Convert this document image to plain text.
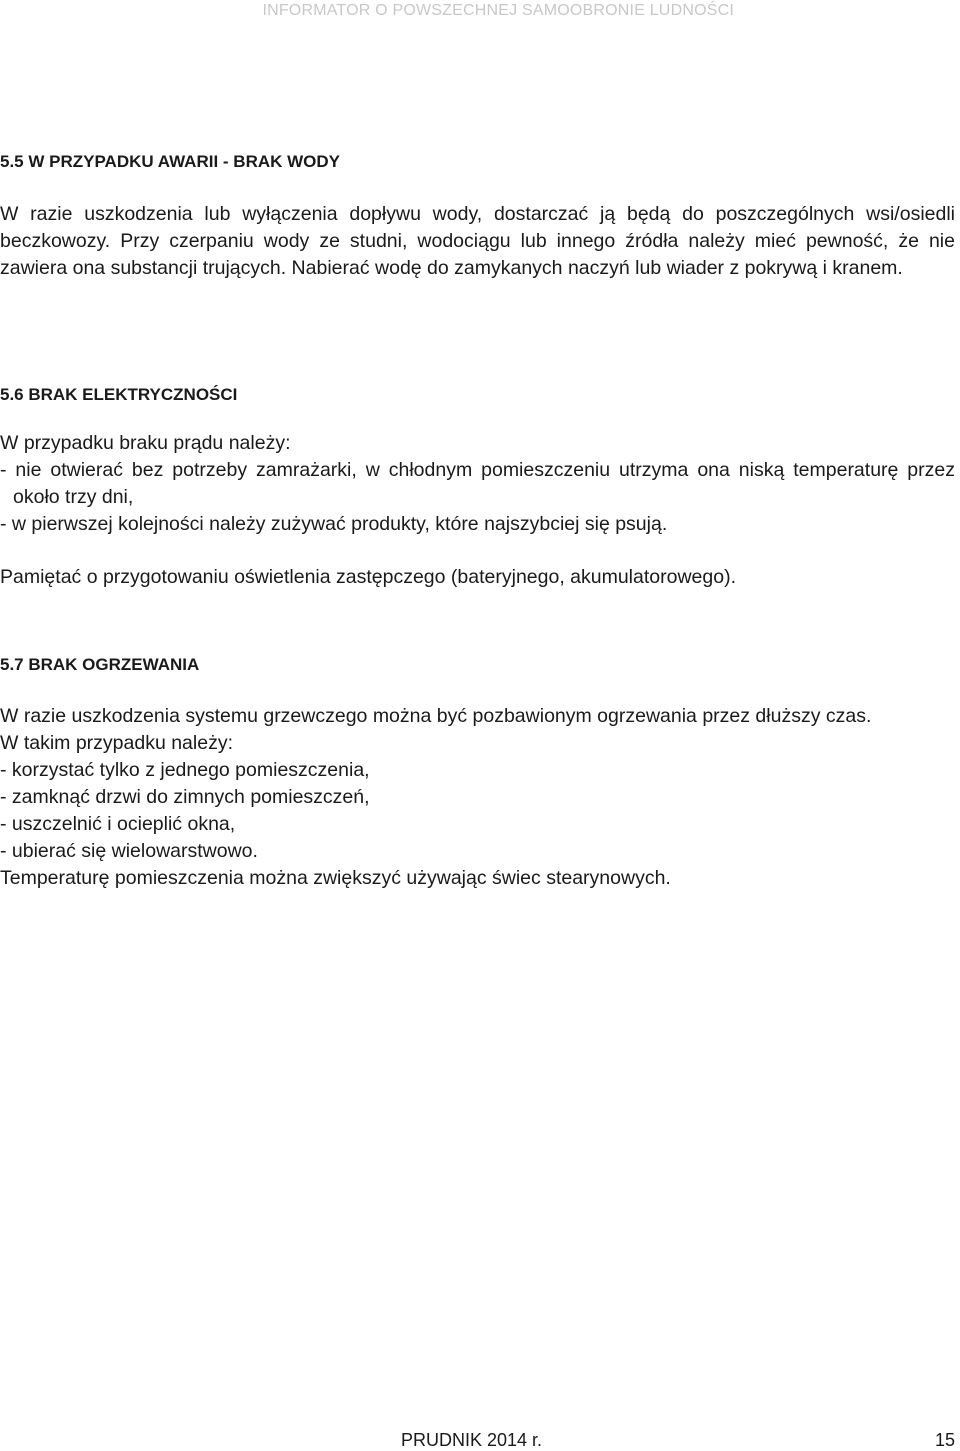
INFORMATOR O POWSZECHNEJ SAMOOBRONIE LUDNOŚCI
5.5 W PRZYPADKU AWARII - BRAK WODY

W razie uszkodzenia lub wyłączenia dopływu wody, dostarczać ją będą do poszczególnych wsi/osiedli beczkowozy. Przy czerpaniu wody ze studni, wodociągu lub innego źródła należy mieć pewność, że nie zawiera ona substancji trujących. Nabierać wodę do zamykanych naczyń lub wiader z pokrywą i kranem.

5.6 BRAK ELEKTRYCZNOŚCI

W przypadku braku prądu należy:

- nie otwierać bez potrzeby zamrażarki, w chłodnym pomieszczeniu utrzyma ona niską temperaturę przez około trzy dni,

- w pierwszej kolejności należy zużywać produkty, które najszybciej się psują.

Pamiętać o przygotowaniu oświetlenia zastępczego (bateryjnego, akumulatorowego).

5.7 BRAK OGRZEWANIA

W razie uszkodzenia systemu grzewczego można być pozbawionym ogrzewania przez dłuższy czas. W takim przypadku należy:

- korzystać tylko z jednego pomieszczenia,

- zamknąć drzwi do zimnych pomieszczeń,

- uszczelnić i ocieplić okna,

- ubierać się wielowarstwowo.

Temperaturę pomieszczenia można zwiększyć używając świec stearynowych.

PRUDNIK 2014 r.	15
